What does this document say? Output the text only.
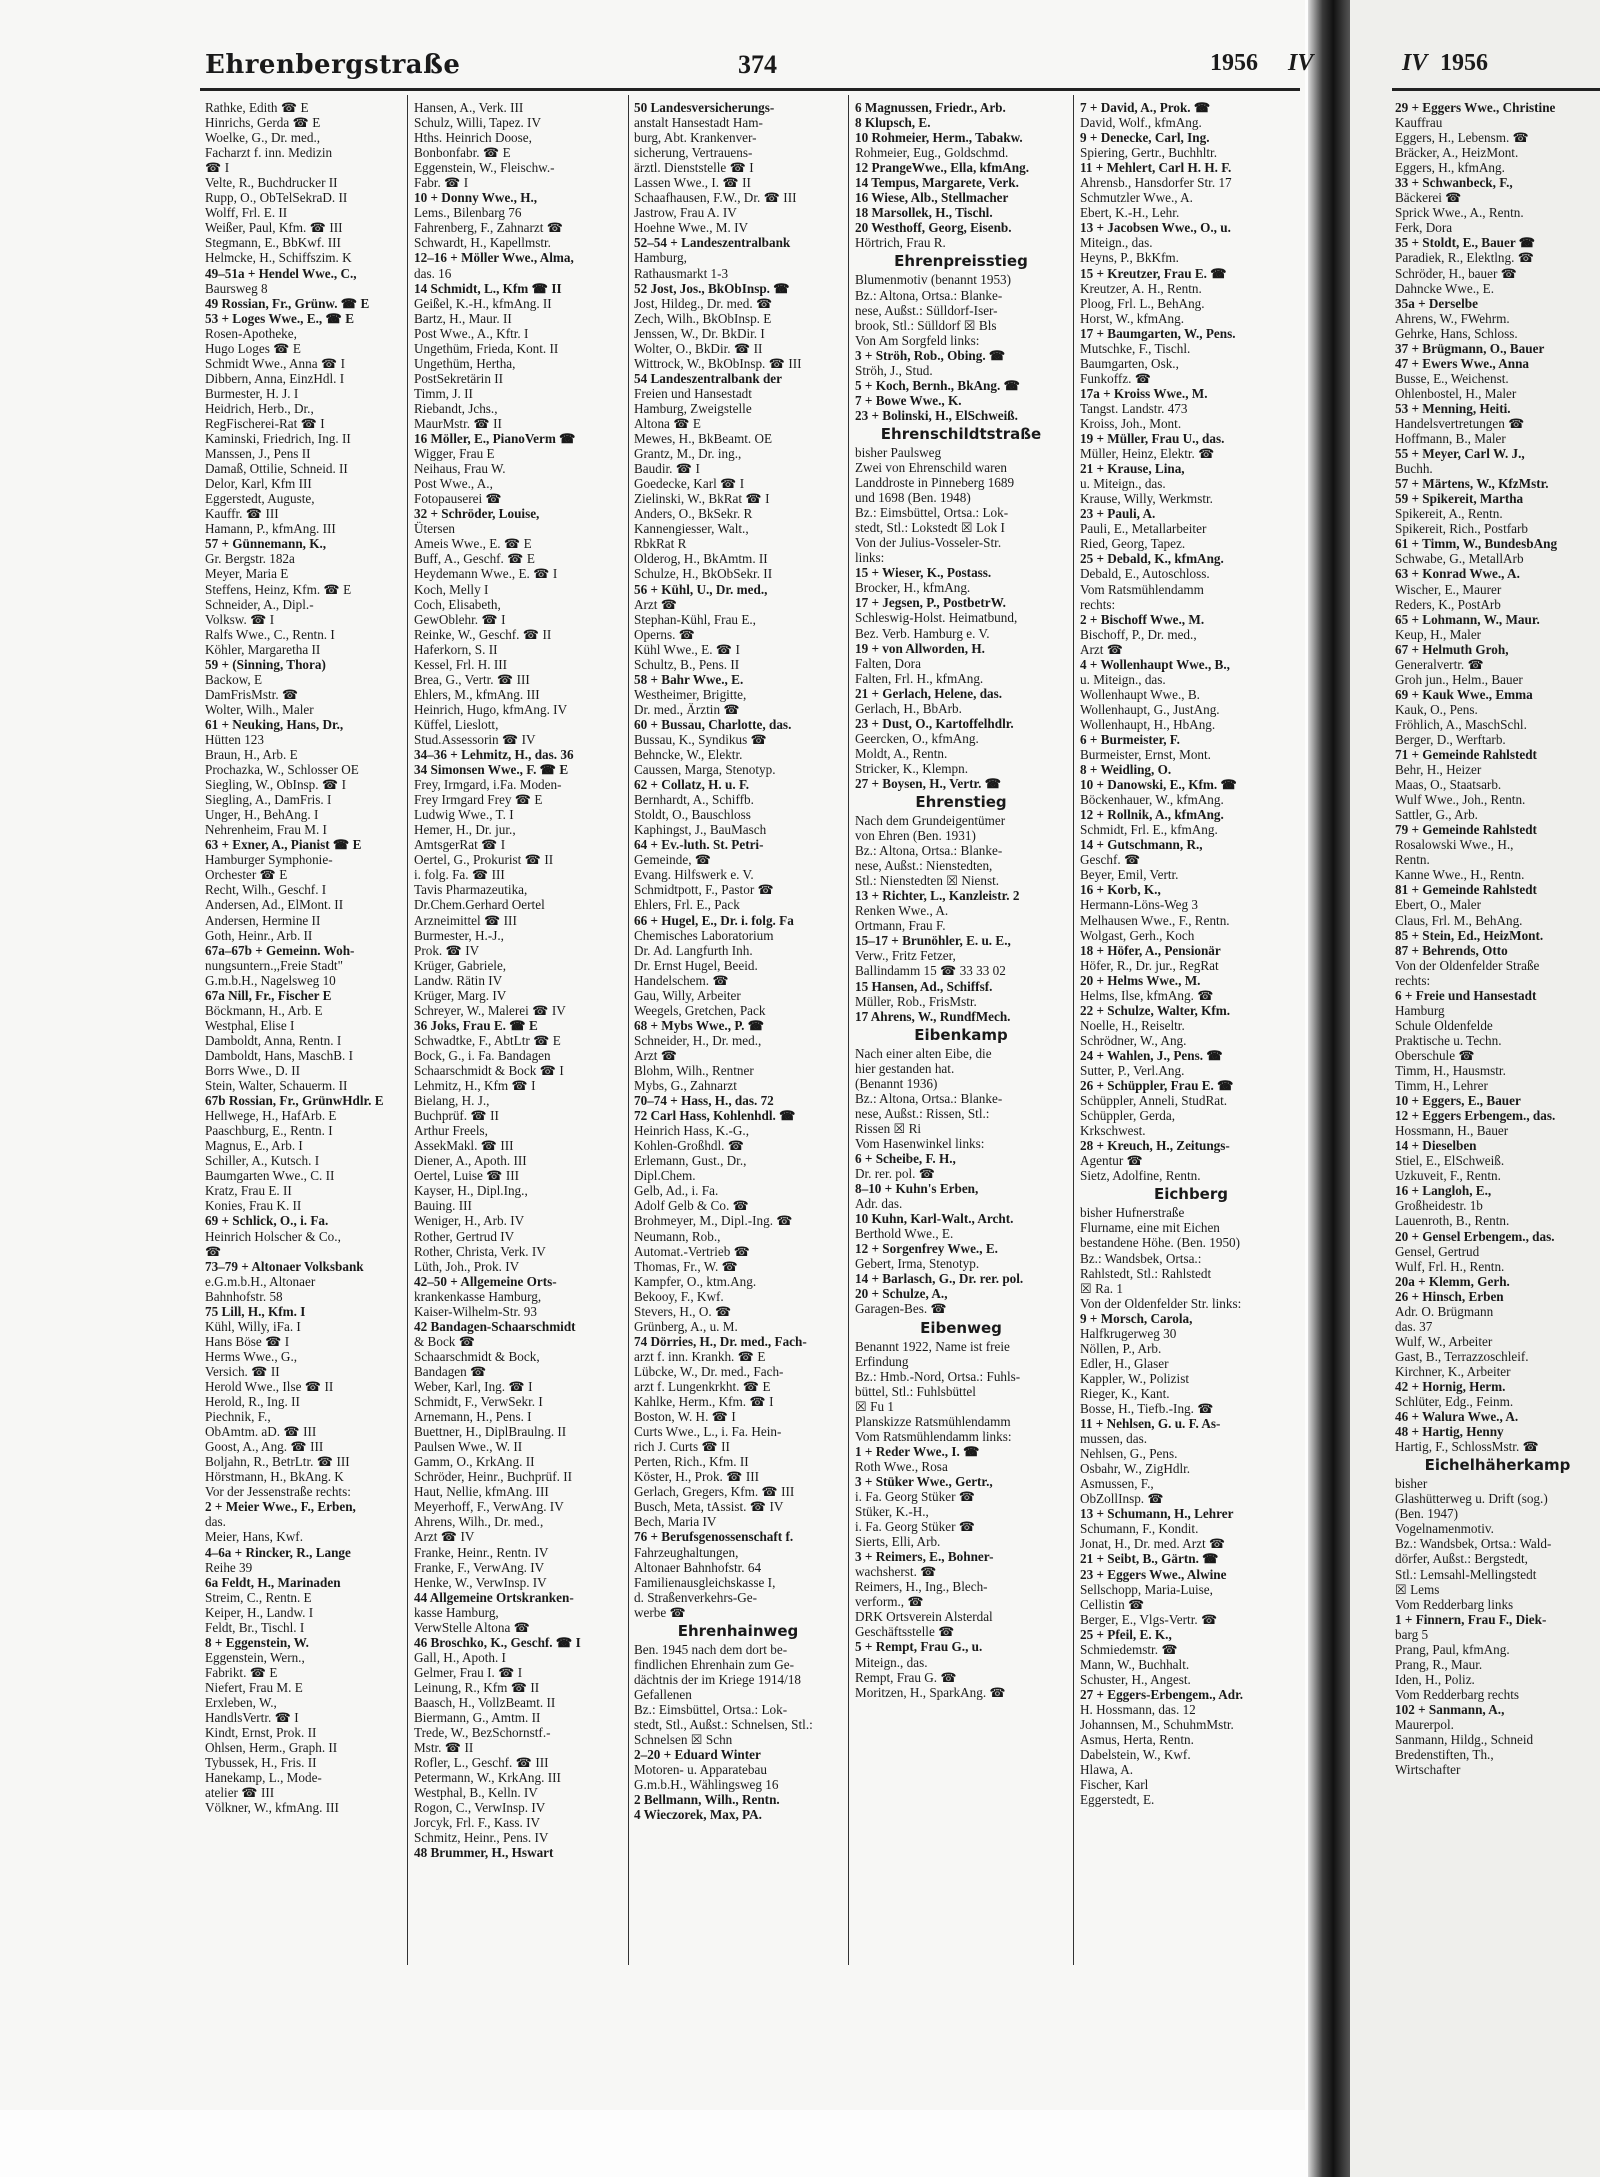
Ehrenbergstraße	374	1956 IV	IV 1956
Rathke, Edith ☎ E
Hinrichs, Gerda ☎ E
Woelke, G., Dr. med.,
Facharzt f. inn. Medizin
☎ I
Velte, R., Buchdrucker II
Rupp, O., ObTelSekraD. II
Wolff, Frl. E. II
Weißer, Paul, Kfm. ☎ III
Stegmann, E., BbKwf. III
Helmcke, H., Schiffszim. K
49–51a + Hendel Wwe., C.,
Baursweg 8
49 Rossian, Fr., Grünw. ☎ E
53 + Loges Wwe., E., ☎ E
Rosen-Apotheke,
Hugo Loges ☎ E
Schmidt Wwe., Anna ☎ I
Dibbern, Anna, EinzHdl. I
Burmester, H. J. I
Heidrich, Herb., Dr.,
RegFischerei-Rat ☎ I
Kaminski, Friedrich, Ing. II
Manssen, J., Pens II
Damaß, Ottilie, Schneid. II
Delor, Karl, Kfm III
Eggerstedt, Auguste,
Kauffr. ☎ III
Hamann, P., kfmAng. III
57 + Günnemann, K.,
Gr. Bergstr. 182a
Meyer, Maria E
Steffens, Heinz, Kfm. ☎ E
Schneider, A., Dipl.-
Volksw. ☎ I
Ralfs Wwe., C., Rentn. I
Köhler, Margaretha II
59 + (Sinning, Thora)
Backow, E
DamFrisMstr. ☎
Wolter, Wilh., Maler
61 + Neuking, Hans, Dr.,
Hütten 123
Braun, H., Arb. E
Prochazka, W., Schlosser OE
Siegling, W., ObInsp. ☎ I
Siegling, A., DamFris. I
Unger, H., BehAng. I
Nehrenheim, Frau M. I
63 + Exner, A., Pianist ☎ E
Hamburger Symphonie-
Orchester ☎ E
Recht, Wilh., Geschf. I
Andersen, Ad., ElMont. II
Andersen, Hermine II
Goth, Heinr., Arb. II
67a–67b + Gemeinn. Woh-
nungsuntern.,,Freie Stadt"
G.m.b.H., Nagelsweg 10
67a Nill, Fr., Fischer E
Böckmann, H., Arb. E
Westphal, Elise I
Damboldt, Anna, Rentn. I
Damboldt, Hans, MaschB. I
Borrs Wwe., D. II
Stein, Walter, Schauerm. II
67b Rossian, Fr., GrünwHdlr. E
Hellwege, H., HafArb. E
Paaschburg, E., Rentn. I
Magnus, E., Arb. I
Schiller, A., Kutsch. I
Baumgarten Wwe., C. II
Kratz, Frau E. II
Konies, Frau K. II
69 + Schlick, O., i. Fa.
Heinrich Holscher & Co.,
☎
73–79 + Altonaer Volksbank
e.G.m.b.H., Altonaer
Bahnhofstr. 58
75 Lill, H., Kfm. I
Kühl, Willy, iFa. I
Hans Böse ☎ I
Herms Wwe., G.,
Versich. ☎ II
Herold Wwe., Ilse ☎ II
Herold, R., Ing. II
Piechnik, F.,
ObAmtm. aD. ☎ III
Goost, A., Ang. ☎ III
Boljahn, R., BetrLtr. ☎ III
Hörstmann, H., BkAng. K
Vor der Jessenstraße rechts:
2 + Meier Wwe., F., Erben,
das.
Meier, Hans, Kwf.
4–6a + Rincker, R., Lange
Reihe 39
6a Feldt, H., Marinaden
Streim, C., Rentn. E
Keiper, H., Landw. I
Feldt, Br., Tischl. I
8 + Eggenstein, W.
Eggenstein, Wern.,
Fabrikt. ☎ E
Niefert, Frau M. E
Erxleben, W.,
HandlsVertr. ☎ I
Kindt, Ernst, Prok. II
Ohlsen, Herm., Graph. II
Tybussek, H., Fris. II
Hanekamp, L., Mode-
atelier ☎ III
Völkner, W., kfmAng. III
Hansen, A., Verk. III
Schulz, Willi, Tapez. IV
Hths. Heinrich Doose,
Bonbonfabr. ☎ E
Eggenstein, W., Fleischw.-
Fabr. ☎ I
10 + Donny Wwe., H.,
Lems., Bilenbarg 76
Fahrenberg, F., Zahnarzt ☎
Schwardt, H., Kapellmstr.
12–16 + Möller Wwe., Alma,
das. 16
14 Schmidt, L., Kfm ☎ II
Geißel, K.-H., kfmAng. II
Bartz, H., Maur. II
Post Wwe., A., Kftr. I
Ungethüm, Frieda, Kont. II
Ungethüm, Hertha,
PostSekretärin II
Timm, J. II
Riebandt, Jchs.,
MaurMstr. ☎ II
16 Möller, E., PianoVerm ☎
Wigger, Frau E
Neihaus, Frau W.
Post Wwe., A.,
Fotopauserei ☎
32 + Schröder, Louise,
Ütersen
Ameis Wwe., E. ☎ E
Buff, A., Geschf. ☎ E
Heydemann Wwe., E. ☎ I
Koch, Melly I
Coch, Elisabeth,
GewOblehr. ☎ I
Reinke, W., Geschf. ☎ II
Haferkorn, S. II
Kessel, Frl. H. III
Brea, G., Vertr. ☎ III
Ehlers, M., kfmAng. III
Heinrich, Hugo, kfmAng. IV
Küffel, Lieslott,
Stud.Assessorin ☎ IV
34–36 + Lehmitz, H., das. 36
34 Simonsen Wwe., F. ☎ E
Frey, Irmgard, i.Fa. Moden-
Frey Irmgard Frey ☎ E
Ludwig Wwe., T. I
Hemer, H., Dr. jur.,
AmtsgerRat ☎ I
Oertel, G., Prokurist ☎ II
i. folg. Fa. ☎ III
Tavis Pharmazeutika,
Dr.Chem.Gerhard Oertel
Arzneimittel ☎ III
Burmester, H.-J.,
Prok. ☎ IV
Krüger, Gabriele,
Landw. Rätin IV
Krüger, Marg. IV
Schreyer, W., Malerei ☎ IV
36 Joks, Frau E. ☎ E
Schwadtke, F., AbtLtr ☎ E
Bock, G., i. Fa. Bandagen
Schaarschmidt & Bock ☎ I
Lehmitz, H., Kfm ☎ I
Bielang, H. J.,
Buchprüf. ☎ II
Arthur Freels,
AssekMakl. ☎ III
Diener, A., Apoth. III
Oertel, Luise ☎ III
Kayser, H., Dipl.Ing.,
Bauing. III
Weniger, H., Arb. IV
Rother, Gertrud IV
Rother, Christa, Verk. IV
Lüth, Joh., Prok. IV
42–50 + Allgemeine Orts-
krankenkasse Hamburg,
Kaiser-Wilhelm-Str. 93
42 Bandagen-Schaarschmidt
& Bock ☎
Schaarschmidt & Bock,
Bandagen ☎
Weber, Karl, Ing. ☎ I
Schmidt, F., VerwSekr. I
Arnemann, H., Pens. I
Buettner, H., DiplBraulng. II
Paulsen Wwe., W. II
Gamm, O., KrkAng. II
Schröder, Heinr., Buchprüf. II
Haut, Nellie, kfmAng. III
Meyerhoff, F., VerwAng. IV
Ahrens, Wilh., Dr. med.,
Arzt ☎ IV
Franke, Heinr., Rentn. IV
Franke, F., VerwAng. IV
Henke, W., VerwInsp. IV
44 Allgemeine Ortskranken-
kasse Hamburg,
VerwStelle Altona ☎
46 Broschko, K., Geschf. ☎ I
Gall, H., Apoth. I
Gelmer, Frau I. ☎ I
Leinung, R., Kfm ☎ II
Baasch, H., VollzBeamt. II
Biermann, G., Amtm. II
Trede, W., BezSchornstf.-
Mstr. ☎ II
Rofler, L., Geschf. ☎ III
Petermann, W., KrkAng. III
Westphal, B., Kelln. IV
Rogon, C., VerwInsp. IV
Jorcyk, Frl. F., Kass. IV
Schmitz, Heinr., Pens. IV
48 Brummer, H., Hswart
50 Landesversicherungs-
anstalt Hansestadt Ham-
burg, Abt. Krankenver-
sicherung, Vertrauens-
ärztl. Dienststelle ☎ I
Lassen Wwe., I. ☎ II
Schaafhausen, F.W., Dr. ☎ III
Jastrow, Frau A. IV
Hoehne Wwe., M. IV
52–54 + Landeszentralbank
Hamburg,
Rathausmarkt 1-3
52 Jost, Jos., BkObInsp. ☎
Jost, Hildeg., Dr. med. ☎
Zech, Wilh., BkObInsp. E
Jenssen, W., Dr. BkDir. I
Wolter, O., BkDir. ☎ II
Wittrock, W., BkObInsp. ☎ III
54 Landeszentralbank der
Freien und Hansestadt
Hamburg, Zweigstelle
Altona ☎ E
Mewes, H., BkBeamt. OE
Grantz, M., Dr. ing.,
Baudir. ☎ I
Goedecke, Karl ☎ I
Zielinski, W., BkRat ☎ I
Anders, O., BkSekr. R
Kannengiesser, Walt.,
RbkRat R
Olderog, H., BkAmtm. II
Schulze, H., BkObSekr. II
56 + Kühl, U., Dr. med.,
Arzt ☎
Stephan-Kühl, Frau E.,
Operns. ☎
Kühl Wwe., E. ☎ I
Schultz, B., Pens. II
58 + Bahr Wwe., E.
Westheimer, Brigitte,
Dr. med., Ärztin ☎
60 + Bussau, Charlotte, das.
Bussau, K., Syndikus ☎
Behncke, W., Elektr.
Caussen, Marga, Stenotyp.
62 + Collatz, H. u. F.
Bernhardt, A., Schiffb.
Stoldt, O., Bauschloss
Kaphingst, J., BauMasch
64 + Ev.-luth. St. Petri-
Gemeinde, ☎
Evang. Hilfswerk e. V.
Schmidtpott, F., Pastor ☎
Ehlers, Frl. E., Pack
66 + Hugel, E., Dr. i. folg. Fa
Chemisches Laboratorium
Dr. Ad. Langfurth Inh.
Dr. Ernst Hugel, Beeid.
Handelschem. ☎
Gau, Willy, Arbeiter
Weegels, Gretchen, Pack
68 + Mybs Wwe., P. ☎
Schneider, H., Dr. med.,
Arzt ☎
Blohm, Wilh., Rentner
Mybs, G., Zahnarzt
70–74 + Hass, H., das. 72
72 Carl Hass, Kohlenhdl. ☎
Heinrich Hass, K.-G.,
Kohlen-Großhdl. ☎
Erlemann, Gust., Dr.,
Dipl.Chem.
Gelb, Ad., i. Fa.
Adolf Gelb & Co. ☎
Brohmeyer, M., Dipl.-Ing. ☎
Neumann, Rob.,
Automat.-Vertrieb ☎
Thomas, Fr., W. ☎
Kampfer, O., ktm.Ang.
Bekooy, F., Kwf.
Stevers, H., O. ☎
Grünberg, A., u. M.
74 Dörries, H., Dr. med., Fach-
arzt f. inn. Krankh. ☎ E
Lübcke, W., Dr. med., Fach-
arzt f. Lungenkrkht. ☎ E
Kahlke, Herm., Kfm. ☎ I
Boston, W. H. ☎ I
Curts Wwe., L., i. Fa. Hein-
rich J. Curts ☎ II
Perten, Rich., Kfm. II
Köster, H., Prok. ☎ III
Gerlach, Gregers, Kfm. ☎ III
Busch, Meta, tAssist. ☎ IV
Bech, Maria IV
76 + Berufsgenossenschaft f.
Fahrzeughaltungen,
Altonaer Bahnhofstr. 64
Familienausgleichskasse I,
d. Straßenverkehrs-Ge-
werbe ☎
Ehrenhainweg
Ben. 1945 nach dem dort be-
findlichen Ehrenhain zum Ge-
dächtnis der im Kriege 1914/18
Gefallenen
Bz.: Eimsbüttel, Ortsa.: Lok-
stedt, Stl., Außst.: Schnelsen, Stl.:
Schnelsen ☒ Schn
2–20 + Eduard Winter
Motoren- u. Apparatebau
G.m.b.H., Wählingsweg 16
2 Bellmann, Wilh., Rentn.
4 Wieczorek, Max, PA.
6 Magnussen, Friedr., Arb.
8 Klupsch, E.
10 Rohmeier, Herm., Tabakw.
Rohmeier, Eug., Goldschmd.
12 PrangeWwe., Ella, kfmAng.
14 Tempus, Margarete, Verk.
16 Wiese, Alb., Stellmacher
18 Marsollek, H., Tischl.
20 Westhoff, Georg, Eisenb.
Hörtrich, Frau R.
Ehrenpreisstieg
Blumenmotiv (benannt 1953)
Bz.: Altona, Ortsa.: Blanke-
nese, Außst.: Sülldorf-Iser-
brook, Stl.: Sülldorf ☒ Bls
Von Am Sorgfeld links:
3 + Ströh, Rob., Obing. ☎
Ströh, J., Stud.
5 + Koch, Bernh., BkAng. ☎
7 + Bowe Wwe., K.
23 + Bolinski, H., ElSchweiß.
Ehrenschildtstraße
bisher Paulsweg
Zwei von Ehrenschild waren
Landdroste in Pinneberg 1689
und 1698 (Ben. 1948)
Bz.: Eimsbüttel, Ortsa.: Lok-
stedt, Stl.: Lokstedt ☒ Lok I
Von der Julius-Vosseler-Str.
links:
15 + Wieser, K., Postass.
Brocker, H., kfmAng.
17 + Jegsen, P., PostbetrW.
Schleswig-Holst. Heimatbund,
Bez. Verb. Hamburg e. V.
19 + von Allworden, H.
Falten, Dora
Falten, Frl. H., kfmAng.
21 + Gerlach, Helene, das.
Gerlach, H., BbArb.
23 + Dust, O., Kartoffelhdlr.
Geercken, O., kfmAng.
Moldt, A., Rentn.
Stricker, K., Klempn.
27 + Boysen, H., Vertr. ☎
Ehrenstieg
Nach dem Grundeigentümer
von Ehren (Ben. 1931)
Bz.: Altona, Ortsa.: Blanke-
nese, Außst.: Nienstedten,
Stl.: Nienstedten ☒ Nienst.
13 + Richter, L., Kanzleistr. 2
Renken Wwe., A.
Ortmann, Frau F.
15–17 + Brunöhler, E. u. E.,
Verw., Fritz Fetzer,
Ballindamm 15 ☎ 33 33 02
15 Hansen, Ad., Schiffsf.
Müller, Rob., FrisMstr.
17 Ahrens, W., RundfMech.
Eibenkamp
Nach einer alten Eibe, die
hier gestanden hat.
(Benannt 1936)
Bz.: Altona, Ortsa.: Blanke-
nese, Außst.: Rissen, Stl.:
Rissen ☒ Ri
Vom Hasenwinkel links:
6 + Scheibe, F. H.,
Dr. rer. pol. ☎
8–10 + Kuhn's Erben,
Adr. das.
10 Kuhn, Karl-Walt., Archt.
Berthold Wwe., E.
12 + Sorgenfrey Wwe., E.
Gebert, Irma, Stenotyp.
14 + Barlasch, G., Dr. rer. pol.
20 + Schulze, A.,
Garagen-Bes. ☎
Eibenweg
Benannt 1922, Name ist freie
Erfindung
Bz.: Hmb.-Nord, Ortsa.: Fuhls-
büttel, Stl.: Fuhlsbüttel
☒ Fu 1
Planskizze Ratsmühlendamm
Vom Ratsmühlendamm links:
1 + Reder Wwe., I. ☎
Roth Wwe., Rosa
3 + Stüker Wwe., Gertr.,
i. Fa. Georg Stüker ☎
Stüker, K.-H.,
i. Fa. Georg Stüker ☎
Sierts, Elli, Arb.
3 + Reimers, E., Bohner-
wachsherst. ☎
Reimers, H., Ing., Blech-
verform., ☎
DRK Ortsverein Alsterdal
Geschäftsstelle ☎
5 + Rempt, Frau G., u.
Miteign., das.
Rempt, Frau G. ☎
Moritzen, H., SparkAng. ☎
7 + David, A., Prok. ☎
David, Wolf., kfmAng.
9 + Denecke, Carl, Ing.
Spiering, Gertr., Buchhltr.
11 + Mehlert, Carl H. H. F.
Ahrensb., Hansdorfer Str. 17
Schmutzler Wwe., A.
Ebert, K.-H., Lehr.
13 + Jacobsen Wwe., O., u.
Miteign., das.
Heyns, P., BkKfm.
15 + Kreutzer, Frau E. ☎
Kreutzer, A. H., Rentn.
Ploog, Frl. L., BehAng.
Horst, W., kfmAng.
17 + Baumgarten, W., Pens.
Mutschke, F., Tischl.
Baumgarten, Osk.,
Funkoffz. ☎
17a + Kroiss Wwe., M.
Tangst. Landstr. 473
Kroiss, Joh., Mont.
19 + Müller, Frau U., das.
Müller, Heinz, Elektr. ☎
21 + Krause, Lina,
u. Miteign., das.
Krause, Willy, Werkmstr.
23 + Pauli, A.
Pauli, E., Metallarbeiter
Ried, Georg, Tapez.
25 + Debald, K., kfmAng.
Debald, E., Autoschloss.
Vom Ratsmühlendamm
rechts:
2 + Bischoff Wwe., M.
Bischoff, P., Dr. med.,
Arzt ☎
4 + Wollenhaupt Wwe., B.,
u. Miteign., das.
Wollenhaupt Wwe., B.
Wollenhaupt, G., JustAng.
Wollenhaupt, H., HbAng.
6 + Burmeister, F.
Burmeister, Ernst, Mont.
8 + Weidling, O.
10 + Danowski, E., Kfm. ☎
Böckenhauer, W., kfmAng.
12 + Rollnik, A., kfmAng.
Schmidt, Frl. E., kfmAng.
14 + Gutschmann, R.,
Geschf. ☎
Beyer, Emil, Vertr.
16 + Korb, K.,
Hermann-Löns-Weg 3
Melhausen Wwe., F., Rentn.
Wolgast, Gerh., Koch
18 + Höfer, A., Pensionär
Höfer, R., Dr. jur., RegRat
20 + Helms Wwe., M.
Helms, Ilse, kfmAng. ☎
22 + Schulze, Walter, Kfm.
Noelle, H., Reiseltr.
Schrödner, W., Ang.
24 + Wahlen, J., Pens. ☎
Sutter, P., Verl.Ang.
26 + Schüppler, Frau E. ☎
Schüppler, Anneli, StudRat.
Schüppler, Gerda,
Krkschwest.
28 + Kreuch, H., Zeitungs-
Agentur ☎
Sietz, Adolfine, Rentn.
Eichberg
bisher Hufnerstraße
Flurname, eine mit Eichen
bestandene Höhe. (Ben. 1950)
Bz.: Wandsbek, Ortsa.:
Rahlstedt, Stl.: Rahlstedt
☒ Ra. 1
Von der Oldenfelder Str. links:
9 + Morsch, Carola,
Halfkrugerweg 30
Nöllen, P., Arb.
Edler, H., Glaser
Kappler, W., Polizist
Rieger, K., Kant.
Bosse, H., Tiefb.-Ing. ☎
11 + Nehlsen, G. u. F. As-
mussen, das.
Nehlsen, G., Pens.
Osbahr, W., ZigHdlr.
Asmussen, F.,
ObZollInsp. ☎
13 + Schumann, H., Lehrer
Schumann, F., Kondit.
Jonat, H., Dr. med. Arzt ☎
21 + Seibt, B., Gärtn. ☎
23 + Eggers Wwe., Alwine
Sellschopp, Maria-Luise,
Cellistin ☎
Berger, E., Vlgs-Vertr. ☎
25 + Pfeil, E. K.,
Schmiedemstr. ☎
Mann, W., Buchhalt.
Schuster, H., Angest.
27 + Eggers-Erbengem., Adr.
H. Hossmann, das. 12
Johannsen, M., SchuhmMstr.
Asmus, Herta, Rentn.
Dabelstein, W., Kwf.
Hlawa, A.
Fischer, Karl
Eggerstedt, E.
29 + Eggers Wwe., Christine
Kauffrau
Eggers, H., Lebensm. ☎
Bräcker, A., HeizMont.
Eggers, H., kfmAng.
33 + Schwanbeck, F.,
Bäckerei ☎
Sprick Wwe., A., Rentn.
Ferk, Dora
35 + Stoldt, E., Bauer ☎
Paradiek, R., Elektlng. ☎
Schröder, H., bauer ☎
Dahncke Wwe., E.
35a + Derselbe
Ahrens, W., FWehrm.
Gehrke, Hans, Schloss.
37 + Brügmann, O., Bauer
47 + Ewers Wwe., Anna
Busse, E., Weichenst.
Ohlenbostel, H., Maler
53 + Menning, Heiti.
Handelsvertretungen ☎
Hoffmann, B., Maler
55 + Meyer, Carl W. J.,
Buchh.
57 + Märtens, W., KfzMstr.
59 + Spikereit, Martha
Spikereit, A., Rentn.
Spikereit, Rich., Postfarb
61 + Timm, W., BundesbAng
Schwabe, G., MetallArb
63 + Konrad Wwe., A.
Wischer, E., Maurer
Reders, K., PostArb
65 + Lohmann, W., Maur.
Keup, H., Maler
67 + Helmuth Groh,
Generalvertr. ☎
Groh jun., Helm., Bauer
69 + Kauk Wwe., Emma
Kauk, O., Pens.
Fröhlich, A., MaschSchl.
Berger, D., Werftarb.
71 + Gemeinde Rahlstedt
Behr, H., Heizer
Maas, O., Staatsarb.
Wulf Wwe., Joh., Rentn.
Sattler, G., Arb.
79 + Gemeinde Rahlstedt
Rosalowski Wwe., H.,
Rentn.
Kanne Wwe., H., Rentn.
81 + Gemeinde Rahlstedt
Ebert, O., Maler
Claus, Frl. M., BehAng.
85 + Stein, Ed., HeizMont.
87 + Behrends, Otto
Von der Oldenfelder Straße
rechts:
6 + Freie und Hansestadt
Hamburg
Schule Oldenfelde
Praktische u. Techn.
Oberschule ☎
Timm, H., Hausmstr.
Timm, H., Lehrer
10 + Eggers, E., Bauer
12 + Eggers Erbengem., das.
Hossmann, H., Bauer
14 + Dieselben
Stiel, E., ElSchweiß.
Uzkuveit, F., Rentn.
16 + Langloh, E.,
Großheidestr. 1b
Lauenroth, B., Rentn.
20 + Gensel Erbengem., das.
Gensel, Gertrud
Wulf, Frl. H., Rentn.
20a + Klemm, Gerh.
26 + Hinsch, Erben
Adr. O. Brügmann
das. 37
Wulf, W., Arbeiter
Gast, B., Terrazzoschleif.
Kirchner, K., Arbeiter
42 + Hornig, Herm.
Schlüter, Edg., Feinm.
46 + Walura Wwe., A.
48 + Hartig, Henny
Hartig, F., SchlossMstr. ☎
Eichelhäherkamp
bisher
Glashütterweg u. Drift (sog.)
(Ben. 1947)
Vogelnamenmotiv.
Bz.: Wandsbek, Ortsa.: Wald-
dörfer, Außst.: Bergstedt,
Stl.: Lemsahl-Mellingstedt
☒ Lems
Vom Redderbarg links
1 + Finnern, Frau F., Diek-
barg 5
Prang, Paul, kfmAng.
Prang, R., Maur.
Iden, H., Poliz.
Vom Redderbarg rechts
102 + Sanmann, A.,
Maurerpol.
Sanmann, Hildg., Schneid
Bredenstiften, Th.,
Wirtschafter
